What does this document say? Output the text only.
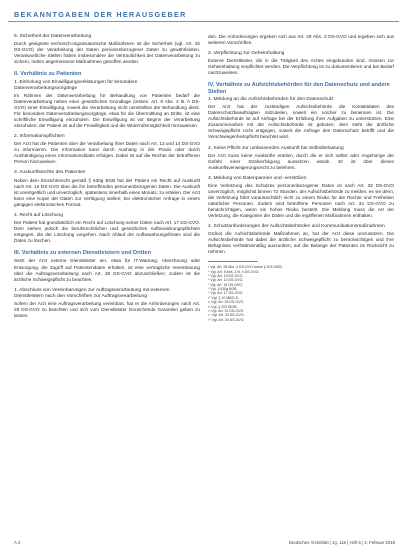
BEKANNTGABEN DER HERAUSGEBER
6. Sicherheit der Datenverarbeitung

Durch geeignete technisch-organisatorische Maßnahmen ist die Sicherheit (vgl. Art. 32 DS-GVO) der Verarbeitung der Daten personenbezogener Daten zu gewährleisten. Verantwortliche Stellen haben insbesondere die Vertraulichkeit der Datenverarbeitung zu sichern, indem angemessene Maßnahmen getroffen werden.

II. Verhältnis zu Patienten
1. Einholung von Einwilligungserklärungen für besondere Datenverarbeitungsvorgänge

Im Rahmen der Datenverarbeitung für Behandlung von Patienten bedarf die Datenverarbeitung neben einer gesetzlichen Grundlage (insbes. Art. 9 Abs. 2 lit. h DS-GVO) einer Einwilligung, soweit die Verarbeitung nicht unmittelbar der Behandlung dient. Für besondere Datenverarbeitungsvorgänge, etwa für die Übermittlung an Dritte, ist eine schriftliche Einwilligung einzuholen. Die Einwilligung ist vor Beginn der Verarbeitung einzuholen; der Patient ist auf die Freiwilligkeit und die Widerrufsmöglichkeit hinzuweisen.

2. Informationspflichten

Der Arzt hat die Patienten über die Verarbeitung ihrer Daten nach Art. 13 und 14 DS-GVO zu informieren. Die Information kann durch Aushang in der Praxis oder durch Aushändigung eines Informationsblatts erfolgen. Dabei ist auf die Rechte der betroffenen Person hinzuweisen.

3. Auskunftsrechte des Patienten

Neben dem Einsichtsrecht gemäß § 630g BGB hat der Patient ein Recht auf Auskunft nach Art. 15 DS-GVO über die ihn betreffenden personenbezogenen Daten. Die Auskunft ist unentgeltlich und unverzüglich, spätestens innerhalb eines Monats, zu erteilen. Der Arzt kann eine Kopie der Daten zur Verfügung stellen; bei elektronischer Anfrage in einem gängigen elektronischen Format.

4. Recht auf Löschung

Der Patient hat grundsätzlich ein Recht auf Löschung seiner Daten nach Art. 17 DS-GVO. Dem stehen jedoch die berufsrechtlichen und gesetzlichen Aufbewahrungspflichten entgegen, die der Löschung vorgehen. Nach Ablauf der Aufbewahrungsfristen sind die Daten zu löschen.

III. Verhältnis zu externen Dienstleistern und Dritten

Setzt der Arzt externe Dienstleister ein, etwa für IT-Wartung, Abrechnung oder Entsorgung, die Zugriff auf Patientendaten erhalten, ist eine vertragliche Vereinbarung über die Auftragsverarbeitung nach Art. 28 DS-GVO abzuschließen; zudem ist die ärztliche Schweigepflicht zu beachten.

1. Abschluss von Vereinbarungen zur Auftragsverarbeitung mit externen Dienstleistern nach den Vorschriften zur Auftragsverarbeitung

Sofern der Arzt eine Auftragsverarbeitung vereinbart, hat er die Anforderungen nach Art. 28 DS-GVO zu beachten und sich vom Dienstleister hinreichende Garantien geben zu lassen.

den. Die Anforderungen ergeben sich aus Art. 28 Abs. 3 DS-GVO und ergeben sich aus weiteren Vorschriften.

2. Verpflichtung zur Geheimhaltung

Externe Dienstleister, die in die Tätigkeit des Arztes eingebunden sind, müssen zur Geheimhaltung verpflichtet werden. Die Verpflichtung ist zu dokumentieren und bei Bedarf nachzuweisen.

IV. Verhältnis zu Aufsichtsbehörden für den Datenschutz und andere Stellen
1. Meldung an die Aufsichtsbehörden für den Datenschutz

Der Arzt hat der zuständigen Aufsichtsbehörde die Kontaktdaten des Datenschutzbeauftragten mitzuteilen, soweit ein solcher zu benennen ist. Die Aufsichtsbehörde ist auf Anfrage bei der Erfüllung ihrer Aufgaben zu unterstützen. Eine Zusammenarbeit mit der Aufsichtsbehörde ist geboten; dem steht die ärztliche Schweigepflicht nicht entgegen, soweit die Anfrage den Datenschutz betrifft und die Verschwiegenheitspflicht beachtet wird.

2. Keine Pflicht zur umfassenden Auskunft bei Selbstbelastung

Der Arzt muss keine Auskünfte erteilen, durch die er sich selbst oder Angehörige der Gefahr einer Strafverfolgung aussetzen würde. Er ist über dieses Auskunftsverweigerungsrecht zu belehren.

3. Meldung von Datenpannen und -verstößen

Eine Verletzung des Schutzes personenbezogener Daten ist nach Art. 33 DS-GVO unverzüglich, möglichst binnen 72 Stunden, der Aufsichtsbehörde zu melden, es sei denn, die Verletzung führt voraussichtlich nicht zu einem Risiko für die Rechte und Freiheiten natürlicher Personen. Zudem sind betroffene Personen nach Art. 34 DS-GVO zu benachrichtigen, wenn ein hohes Risiko besteht. Die Meldung muss die Art der Verletzung, die Kategorien der Daten und die ergriffenen Maßnahmen enthalten.

4. Schutzanforderungen der Aufsichtsbehörden und Kommunikationsmaßnahmen

Ordnet die Aufsichtsbehörde Maßnahmen an, hat der Arzt diese umzusetzen. Die Aufsichtsbehörde hat dabei die ärztliche Schweigepflicht zu berücksichtigen und ihre Befugnisse verhältnismäßig auszuüben; auf die Belange der Patienten ist Rücksicht zu nehmen.

³ Vgl. Art. 28 Abs. 3 DS-GVO sowie § 203 StGB.
⁴ Vgl. Art. 9 Abs. 2 lit. h DS-GVO.
⁵ Vgl. Art. 13 DS-GVO.
⁶ Vgl. Art. 14 DS-GVO.
⁷ Vgl. Art. 15 DS-GVO.
⁸ Vgl. § 630g BGB.
⁹ Vgl. Art. 17 DS-GVO.
¹⁰ Vgl. § 10 MBO-Ä.
¹¹ Vgl. Art. 28 DS-GVO.
¹² Vgl. § 203 StGB.
¹³ Vgl. Art. 31 DS-GVO.
¹⁴ Vgl. Art. 33 DS-GVO.
¹⁵ Vgl. Art. 34 DS-GVO.
A 4	Deutsches Ärzteblatt | Jg. 115 | Heft 5 | 2. Februar 2018
